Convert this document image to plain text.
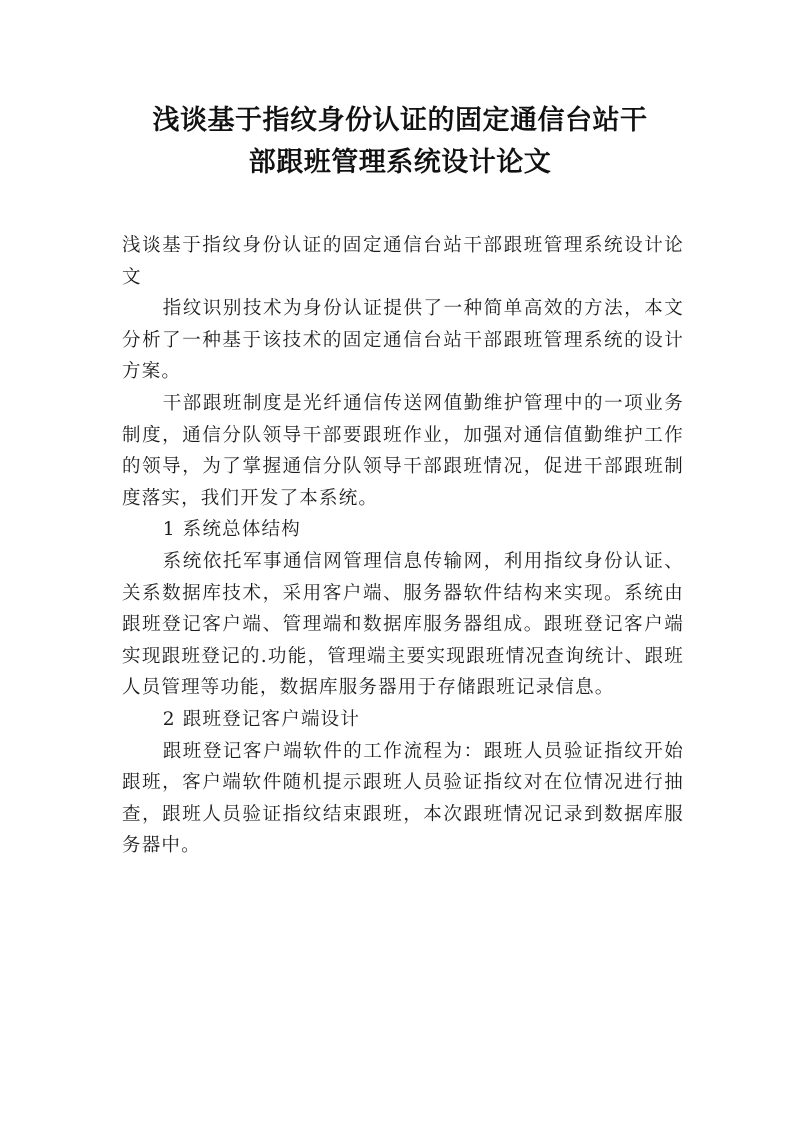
浅谈基于指纹身份认证的固定通信台站干
部跟班管理系统设计论文

浅谈基于指纹身份认证的固定通信台站干部跟班管理系统设计论文

指纹识别技术为身份认证提供了一种简单高效的方法，本文分析了一种基于该技术的固定通信台站干部跟班管理系统的设计方案。

干部跟班制度是光纤通信传送网值勤维护管理中的一项业务制度，通信分队领导干部要跟班作业，加强对通信值勤维护工作的领导，为了掌握通信分队领导干部跟班情况，促进干部跟班制度落实，我们开发了本系统。

1 系统总体结构

系统依托军事通信网管理信息传输网，利用指纹身份认证、关系数据库技术，采用客户端、服务器软件结构来实现。系统由跟班登记客户端、管理端和数据库服务器组成。跟班登记客户端实现跟班登记的.功能，管理端主要实现跟班情况查询统计、跟班人员管理等功能，数据库服务器用于存储跟班记录信息。

2 跟班登记客户端设计

跟班登记客户端软件的工作流程为：跟班人员验证指纹开始跟班，客户端软件随机提示跟班人员验证指纹对在位情况进行抽查，跟班人员验证指纹结束跟班，本次跟班情况记录到数据库服务器中。
